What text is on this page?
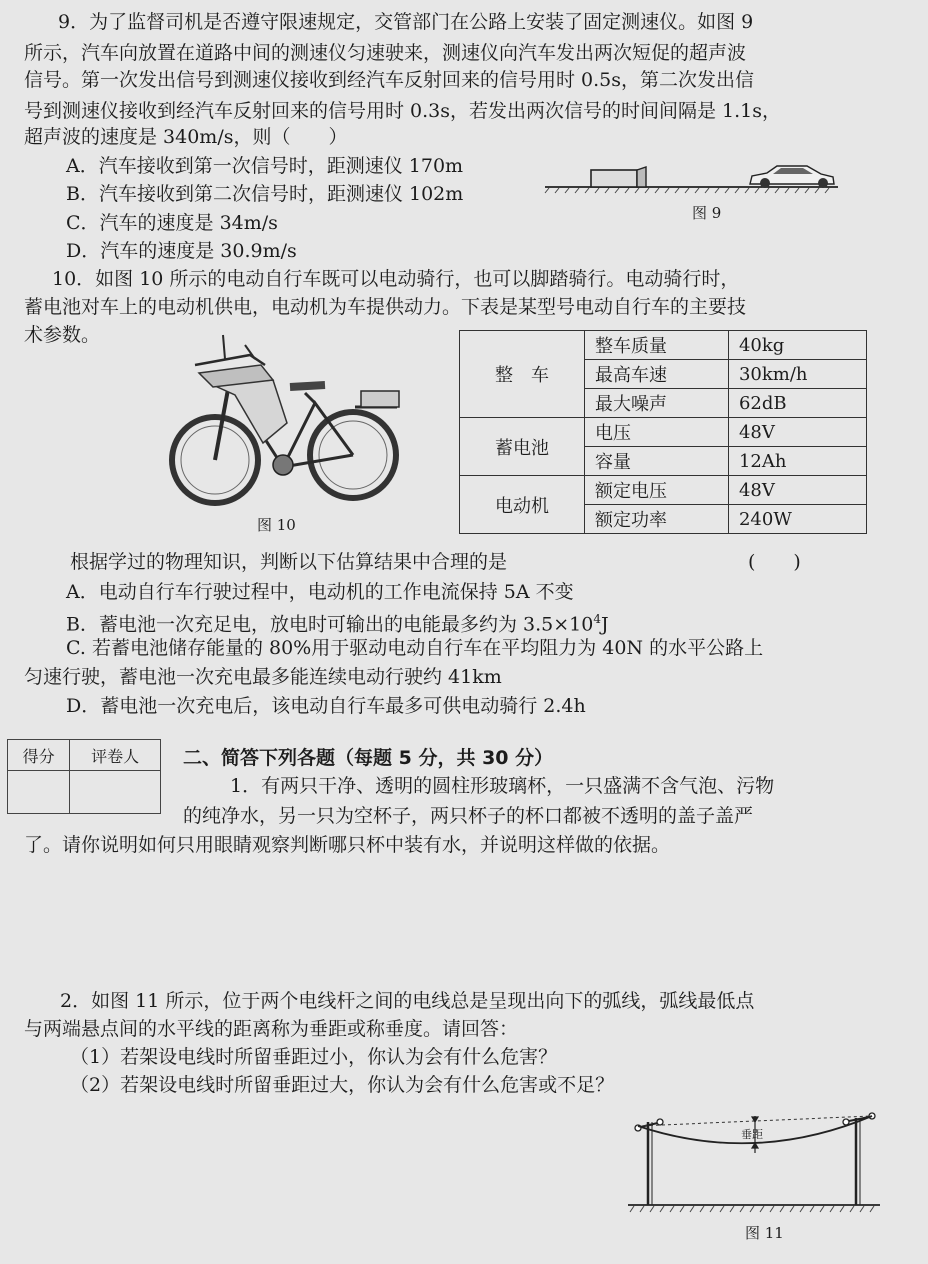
9．为了监督司机是否遵守限速规定，交管部门在公路上安装了固定测速仪。如图 9
所示，汽车向放置在道路中间的测速仪匀速驶来，测速仪向汽车发出两次短促的超声波
信号。第一次发出信号到测速仪接收到经汽车反射回来的信号用时 0.5s，第二次发出信
号到测速仪接收到经汽车反射回来的信号用时 0.3s，若发出两次信号的时间间隔是 1.1s，
超声波的速度是 340m/s，则（　　）
A．汽车接收到第一次信号时，距测速仪 170m
B．汽车接收到第二次信号时，距测速仪 102m
C．汽车的速度是 34m/s
D．汽车的速度是 30.9m/s
图 9
10．如图 10 所示的电动自行车既可以电动骑行，也可以脚踏骑行。电动骑行时，
蓄电池对车上的电动机供电，电动机为车提供动力。下表是某型号电动自行车的主要技
术参数。
图 10
整　车	整车质量	40kg
	最高车速	30km/h
	最大噪声	62dB
蓄电池	电压	48V
	容量	12Ah
电动机	额定电压	48V
	额定功率	240W
根据学过的物理知识，判断以下估算结果中合理的是	(　　)
A．电动自行车行驶过程中，电动机的工作电流保持 5A 不变
B．蓄电池一次充足电，放电时可输出的电能最多约为 $3.5\times 10^4J$
C. 若蓄电池储存能量的 80%用于驱动电动自行车在平均阻力为 40N 的水平公路上
匀速行驶，蓄电池一次充电最多能连续电动行驶约 41km
D．蓄电池一次充电后，该电动自行车最多可供电动骑行 2.4h
得分	评卷人
	二、简答下列各题（每题 5 分，共 30 分）
1．有两只干净、透明的圆柱形玻璃杯，一只盛满不含气泡、污物
的纯净水，另一只为空杯子，两只杯子的杯口都被不透明的盖子盖严
了。请你说明如何只用眼睛观察判断哪只杯中装有水，并说明这样做的依据。
2．如图 11 所示，位于两个电线杆之间的电线总是呈现出向下的弧线，弧线最低点
与两端悬点间的水平线的距离称为垂距或称垂度。请回答：
（1）若架设电线时所留垂距过小，你认为会有什么危害？
（2）若架设电线时所留垂距过大，你认为会有什么危害或不足？
垂距
图 11
